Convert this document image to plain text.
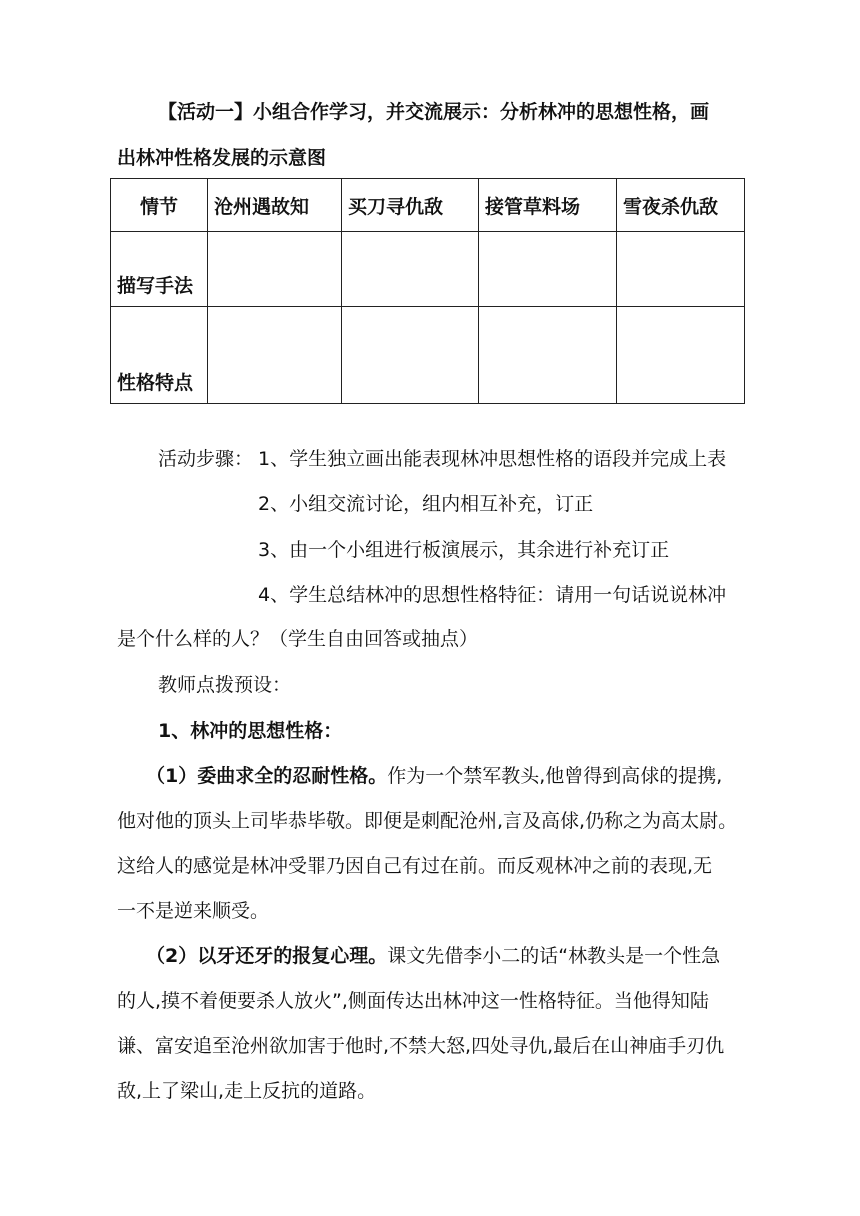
【活动一】小组合作学习，并交流展示：分析林冲的思想性格，画
出林冲性格发展的示意图
情节	沧州遇故知	买刀寻仇敌	接管草料场	雪夜杀仇敌
描写手法				
性格特点				
活动步骤： 1、学生独立画出能表现林冲思想性格的语段并完成上表
2、小组交流讨论，组内相互补充，订正
3、由一个小组进行板演展示，其余进行补充订正
4、学生总结林冲的思想性格特征：请用一句话说说林冲
是个什么样的人？（学生自由回答或抽点）
教师点拨预设：
1、林冲的思想性格：
（1）委曲求全的忍耐性格。作为一个禁军教头,他曾得到高俅的提携,
他对他的顶头上司毕恭毕敬。即便是刺配沧州,言及高俅,仍称之为高太尉。
这给人的感觉是林冲受罪乃因自己有过在前。而反观林冲之前的表现,无
一不是逆来顺受。
（2）以牙还牙的报复心理。课文先借李小二的话“林教头是一个性急
的人,摸不着便要杀人放火”,侧面传达出林冲这一性格特征。当他得知陆
谦、富安追至沧州欲加害于他时,不禁大怒,四处寻仇,最后在山神庙手刃仇
敌,上了梁山,走上反抗的道路。
